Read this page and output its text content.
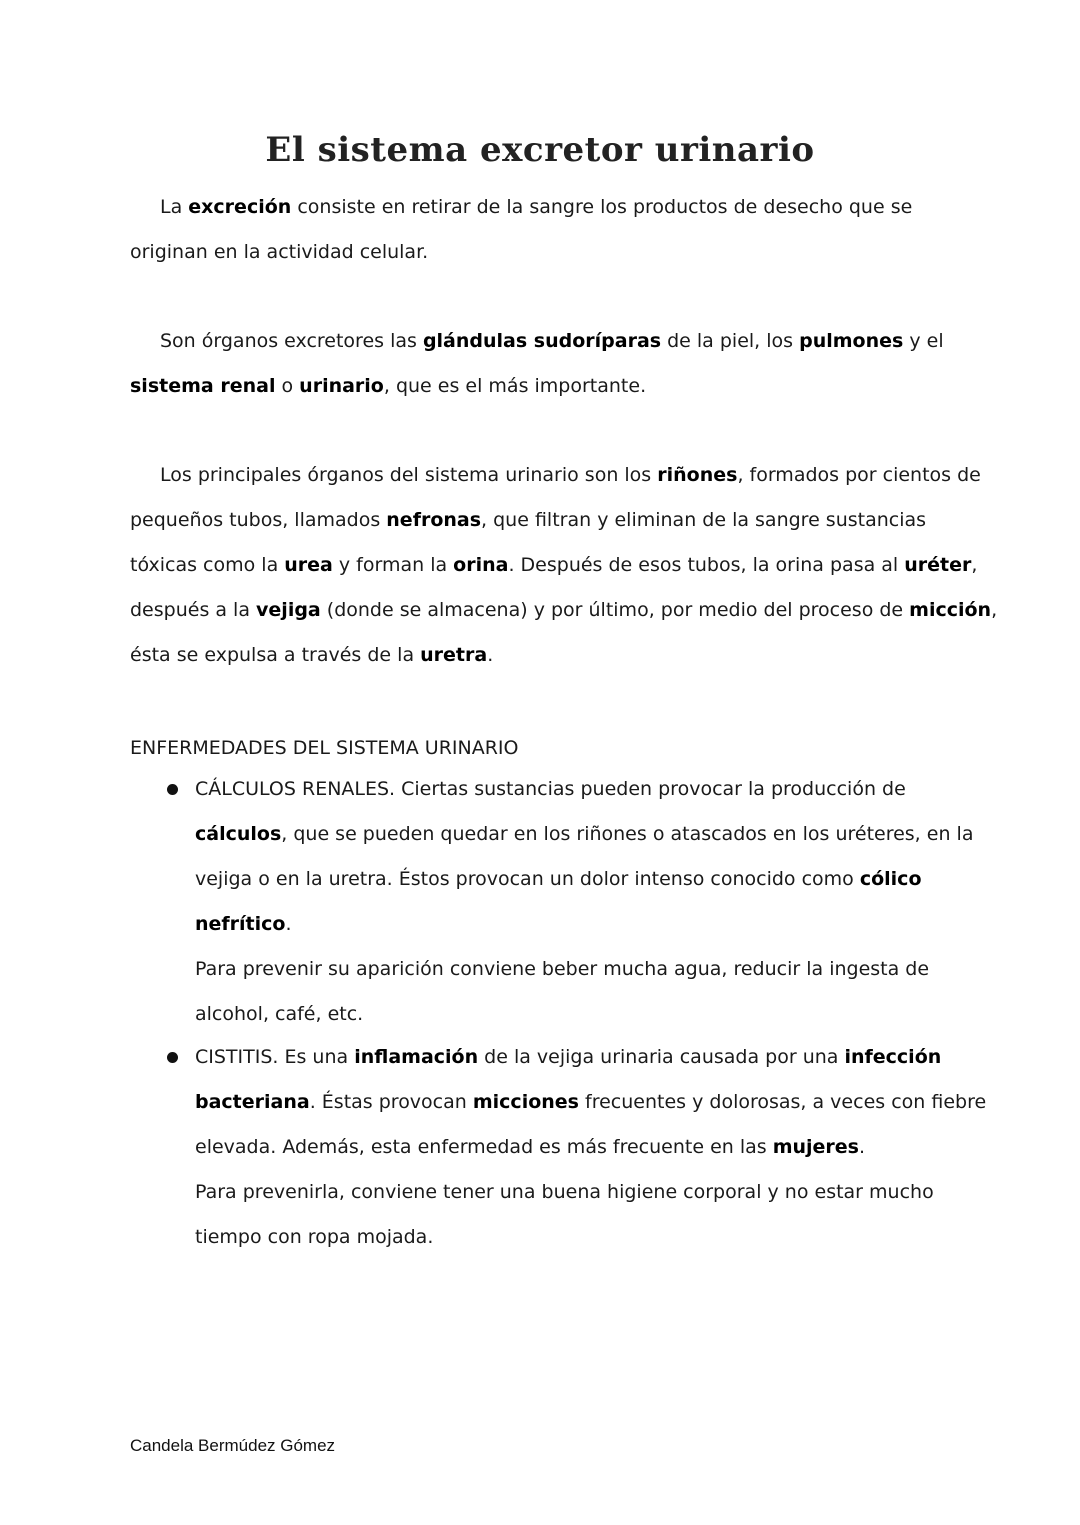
El sistema excretor urinario
La excreción consiste en retirar de la sangre los productos de desecho que se
originan en la actividad celular.
Son órganos excretores las glándulas sudoríparas de la piel, los pulmones y el
sistema renal o urinario, que es el más importante.
Los principales órganos del sistema urinario son los riñones, formados por cientos de
pequeños tubos, llamados nefronas, que filtran y eliminan de la sangre sustancias
tóxicas como la urea y forman la orina. Después de esos tubos, la orina pasa al uréter,
después a la vejiga (donde se almacena) y por último, por medio del proceso de micción,
ésta se expulsa a través de la uretra.
ENFERMEDADES DEL SISTEMA URINARIO
CÁLCULOS RENALES. Ciertas sustancias pueden provocar la producción de
cálculos, que se pueden quedar en los riñones o atascados en los uréteres, en la
vejiga o en la uretra. Éstos provocan un dolor intenso conocido como cólico
nefrítico.
Para prevenir su aparición conviene beber mucha agua, reducir la ingesta de
alcohol, café, etc.
CISTITIS. Es una inflamación de la vejiga urinaria causada por una infección
bacteriana. Éstas provocan micciones frecuentes y dolorosas, a veces con fiebre
elevada. Además, esta enfermedad es más frecuente en las mujeres.
Para prevenirla, conviene tener una buena higiene corporal y no estar mucho
tiempo con ropa mojada.
Candela Bermúdez Gómez
